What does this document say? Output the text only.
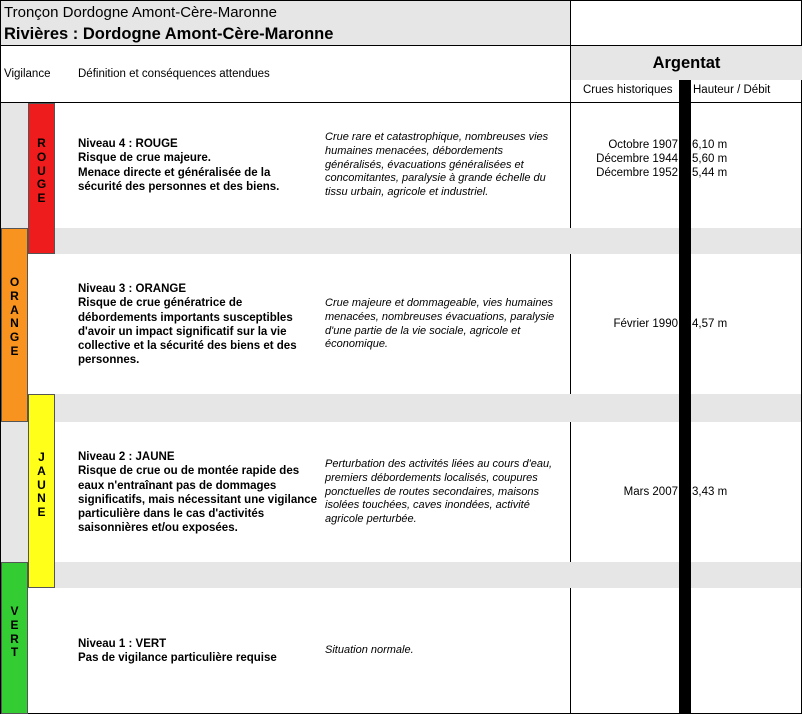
Tronçon Dordogne Amont-Cère-Maronne
Rivières : Dordogne Amont-Cère-Maronne
Vigilance Définition et conséquences attendues
Argentat
Crues historiques Hauteur / Débit
R
O
U
G
E
O
R
A
N
G
E
J
A
U
N
E
V
E
R
T
Niveau 4 : ROUGE
Risque de crue majeure.
Menace directe et généralisée de la sécurité des personnes et des biens.
Crue rare et catastrophique, nombreuses vies humaines menacées, débordements généralisés, évacuations généralisées et concomitantes, paralysie à grande échelle du tissu urbain, agricole et industriel.
Octobre 1907
Décembre 1944
Décembre 1952
6,10 m
5,60 m
5,44 m
Niveau 3 : ORANGE
Risque de crue génératrice de débordements importants susceptibles d'avoir un impact significatif sur la vie collective et la sécurité des biens et des personnes.
Crue majeure et dommageable, vies humaines menacées, nombreuses évacuations, paralysie d'une partie de la vie sociale, agricole et économique.
Février 1990 4,57 m
Niveau 2 : JAUNE
Risque de crue ou de montée rapide des eaux n'entraînant pas de dommages significatifs, mais nécessitant une vigilance particulière dans le cas d'activités saisonnières et/ou exposées.
Perturbation des activités liées au cours d'eau, premiers débordements localisés, coupures ponctuelles de routes secondaires, maisons isolées touchées, caves inondées, activité agricole perturbée.
Mars 2007 3,43 m
Niveau 1 : VERT
Pas de vigilance particulière requise
Situation normale.
